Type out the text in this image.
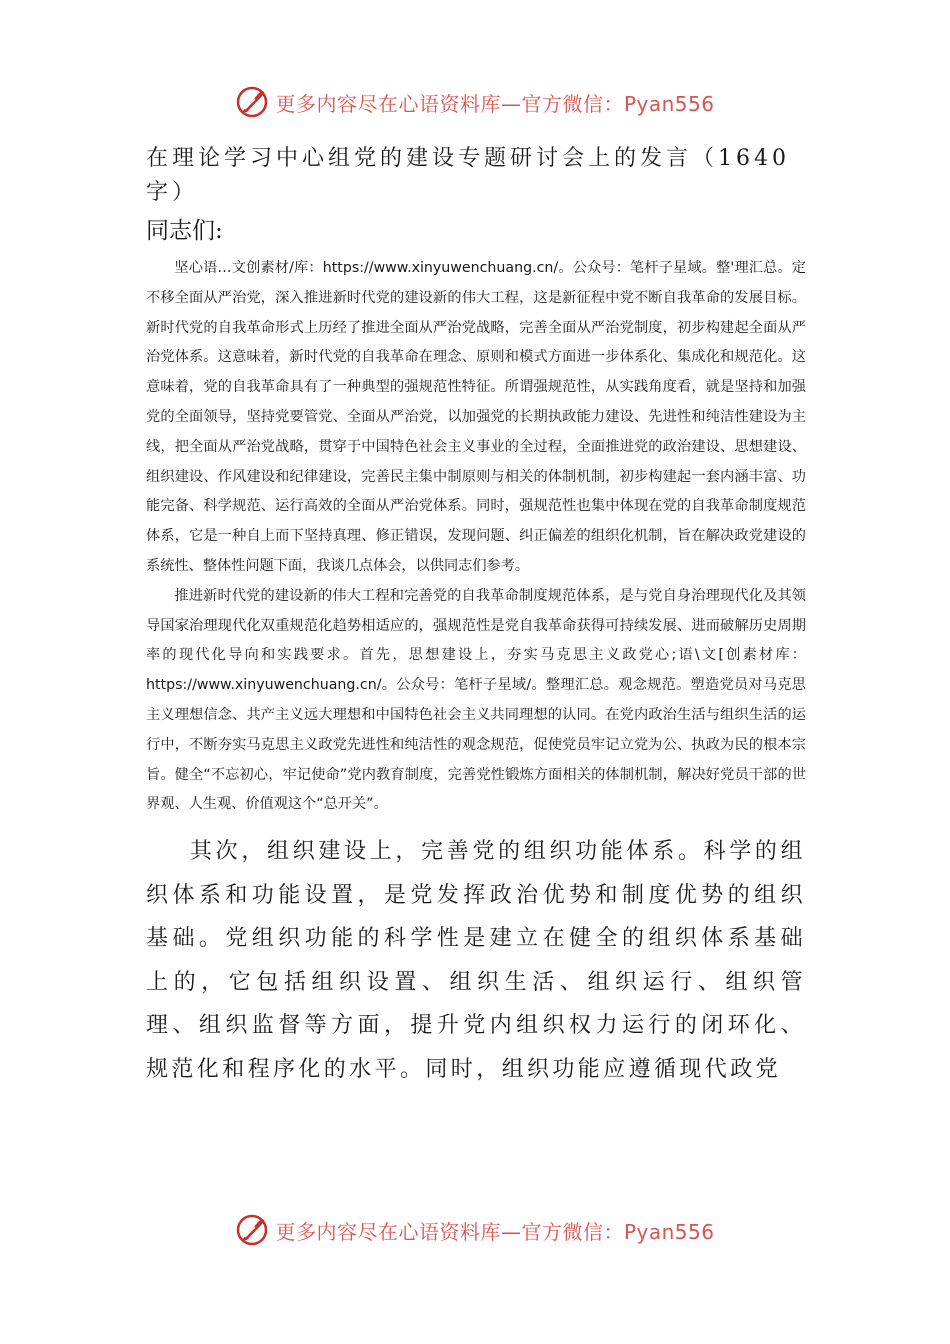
更多内容尽在心语资料库—官方微信：Pyan556
在理论学习中心组党的建设专题研讨会上的发言（1640字）
同志们:

坚心语…文创素材/库：https://www.xinyuwenchuang.cn/。公众号：笔杆子星域。整'理汇总。定不移全面从严治党，深入推进新时代党的建设新的伟大工程，这是新征程中党不断自我革命的发展目标。新时代党的自我革命形式上历经了推进全面从严治党战略，完善全面从严治党制度，初步构建起全面从严治党体系。这意味着，新时代党的自我革命在理念、原则和模式方面进一步体系化、集成化和规范化。这意味着，党的自我革命具有了一种典型的强规范性特征。所谓强规范性，从实践角度看，就是坚持和加强党的全面领导，坚持党要管党、全面从严治党，以加强党的长期执政能力建设、先进性和纯洁性建设为主线，把全面从严治党战略，贯穿于中国特色社会主义事业的全过程，全面推进党的政治建设、思想建设、组织建设、作风建设和纪律建设，完善民主集中制原则与相关的体制机制，初步构建起一套内涵丰富、功能完备、科学规范、运行高效的全面从严治党体系。同时，强规范性也集中体现在党的自我革命制度规范体系，它是一种自上而下坚持真理、修正错误，发现问题、纠正偏差的组织化机制，旨在解决政党建设的系统性、整体性问题下面，我谈几点体会，以供同志们参考。

推进新时代党的建设新的伟大工程和完善党的自我革命制度规范体系，是与党自身治理现代化及其领导国家治理现代化双重规范化趋势相适应的，强规范性是党自我革命获得可持续发展、进而破解历史周期率的现代化导向和实践要求。首先，思想建设上，夯实马克思主义政党心;语\文[创素材库：https://www.xinyuwenchuang.cn/。公众号：笔杆子星域/。整理汇总。观念规范。塑造党员对马克思主义理想信念、共产主义远大理想和中国特色社会主义共同理想的认同。在党内政治生活与组织生活的运行中，不断夯实马克思主义政党先进性和纯洁性的观念规范，促使党员牢记立党为公、执政为民的根本宗旨。健全“不忘初心，牢记使命”党内教育制度，完善党性锻炼方面相关的体制机制，解决好党员干部的世界观、人生观、价值观这个“总开关”。

其次，组织建设上，完善党的组织功能体系。科学的组织体系和功能设置，是党发挥政治优势和制度优势的组织基础。党组织功能的科学性是建立在健全的组织体系基础上的，它包括组织设置、组织生活、组织运行、组织管理、组织监督等方面，提升党内组织权力运行的闭环化、规范化和程序化的水平。同时，组织功能应遵循现代政党

更多内容尽在心语资料库—官方微信：Pyan556
